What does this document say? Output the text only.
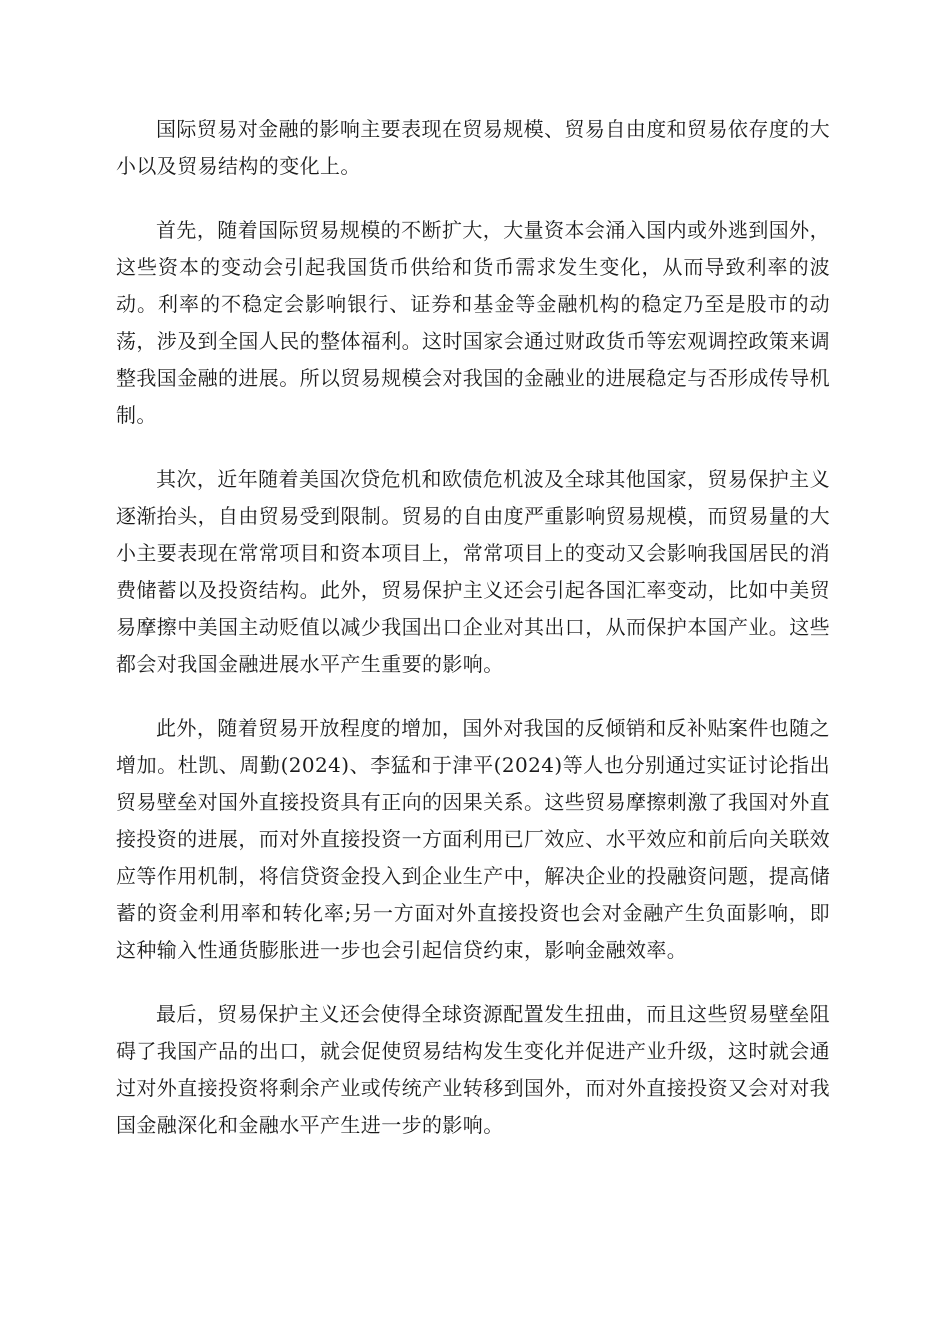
国际贸易对金融的影响主要表现在贸易规模、贸易自由度和贸易依存度的大小以及贸易结构的变化上。

首先，随着国际贸易规模的不断扩大，大量资本会涌入国内或外逃到国外，这些资本的变动会引起我国货币供给和货币需求发生变化，从而导致利率的波动。利率的不稳定会影响银行、证券和基金等金融机构的稳定乃至是股市的动荡，涉及到全国人民的整体福利。这时国家会通过财政货币等宏观调控政策来调整我国金融的进展。所以贸易规模会对我国的金融业的进展稳定与否形成传导机制。

其次，近年随着美国次贷危机和欧债危机波及全球其他国家，贸易保护主义逐渐抬头，自由贸易受到限制。贸易的自由度严重影响贸易规模，而贸易量的大小主要表现在常常项目和资本项目上，常常项目上的变动又会影响我国居民的消费储蓄以及投资结构。此外，贸易保护主义还会引起各国汇率变动，比如中美贸易摩擦中美国主动贬值以减少我国出口企业对其出口，从而保护本国产业。这些都会对我国金融进展水平产生重要的影响。

此外，随着贸易开放程度的增加，国外对我国的反倾销和反补贴案件也随之增加。杜凯、周勤(2024)、李猛和于津平(2024)等人也分别通过实证讨论指出贸易壁垒对国外直接投资具有正向的因果关系。这些贸易摩擦刺激了我国对外直接投资的进展，而对外直接投资一方面利用已厂效应、水平效应和前后向关联效应等作用机制，将信贷资金投入到企业生产中，解决企业的投融资问题，提高储蓄的资金利用率和转化率;另一方面对外直接投资也会对金融产生负面影响，即这种输入性通货膨胀进一步也会引起信贷约束，影响金融效率。

最后，贸易保护主义还会使得全球资源配置发生扭曲，而且这些贸易壁垒阻碍了我国产品的出口，就会促使贸易结构发生变化并促进产业升级，这时就会通过对外直接投资将剩余产业或传统产业转移到国外，而对外直接投资又会对对我国金融深化和金融水平产生进一步的影响。
